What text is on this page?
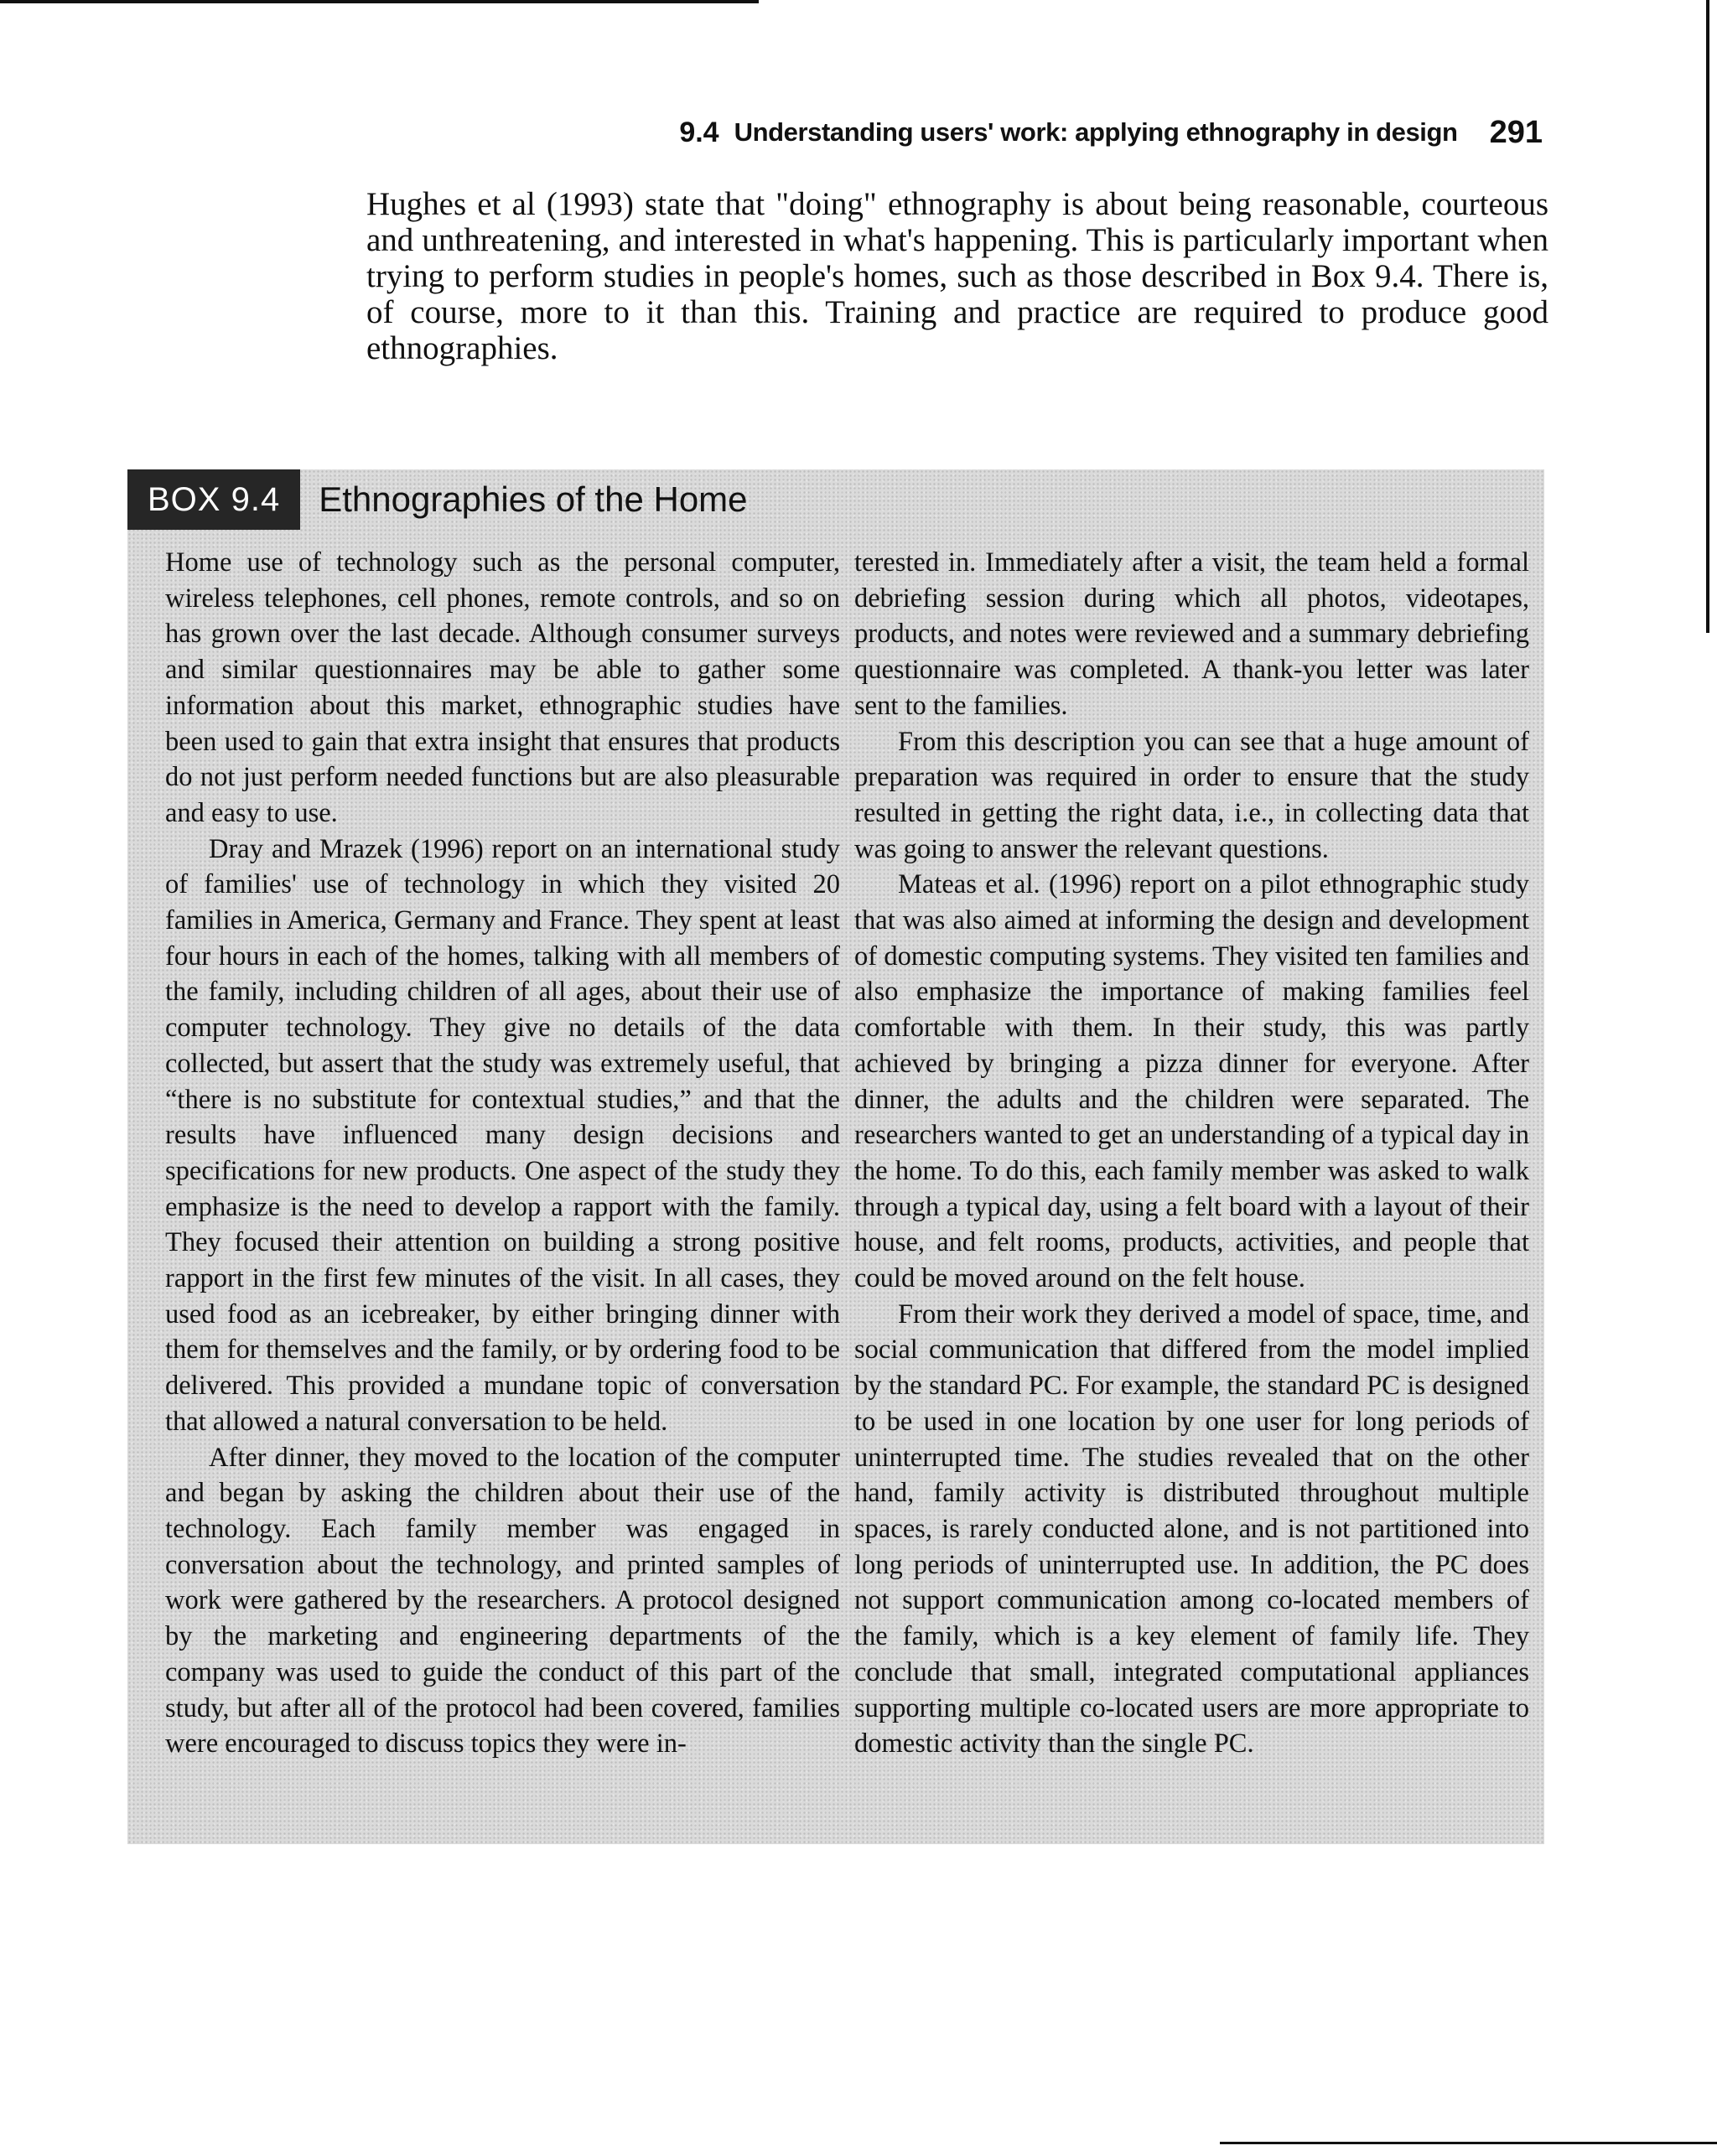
9.4 Understanding users' work: applying ethnography in design 291

Hughes et al (1993) state that "doing" ethnography is about being reasonable, courteous and unthreatening, and interested in what's happening. This is particularly important when trying to perform studies in people's homes, such as those described in Box 9.4. There is, of course, more to it than this. Training and practice are required to produce good ethnographies.

BOX 9.4	Ethnographies of the Home

Home use of technology such as the personal computer, wireless telephones, cell phones, remote controls, and so on has grown over the last decade. Although consumer surveys and similar questionnaires may be able to gather some information about this market, ethnographic studies have been used to gain that extra insight that ensures that products do not just perform needed functions but are also pleasurable and easy to use.

Dray and Mrazek (1996) report on an international study of families' use of technology in which they visited 20 families in America, Germany and France. They spent at least four hours in each of the homes, talking with all members of the family, including children of all ages, about their use of computer technology. They give no details of the data collected, but assert that the study was extremely useful, that “there is no substitute for contextual studies,” and that the results have influenced many design decisions and specifications for new products. One aspect of the study they emphasize is the need to develop a rapport with the family. They focused their attention on building a strong positive rapport in the first few minutes of the visit. In all cases, they used food as an icebreaker, by either bringing dinner with them for themselves and the family, or by ordering food to be delivered. This provided a mundane topic of conversation that allowed a natural conversation to be held.

After dinner, they moved to the location of the computer and began by asking the children about their use of the technology. Each family member was engaged in conversation about the technology, and printed samples of work were gathered by the researchers. A protocol designed by the marketing and engineering departments of the company was used to guide the conduct of this part of the study, but after all of the protocol had been covered, families were encouraged to discuss topics they were in-

terested in. Immediately after a visit, the team held a formal debriefing session during which all photos, videotapes, products, and notes were reviewed and a summary debriefing questionnaire was completed. A thank-you letter was later sent to the families.

From this description you can see that a huge amount of preparation was required in order to ensure that the study resulted in getting the right data, i.e., in collecting data that was going to answer the relevant questions.

Mateas et al. (1996) report on a pilot ethnographic study that was also aimed at informing the design and development of domestic computing systems. They visited ten families and also emphasize the importance of making families feel comfortable with them. In their study, this was partly achieved by bringing a pizza dinner for everyone. After dinner, the adults and the children were separated. The researchers wanted to get an understanding of a typical day in the home. To do this, each family member was asked to walk through a typical day, using a felt board with a layout of their house, and felt rooms, products, activities, and people that could be moved around on the felt house.

From their work they derived a model of space, time, and social communication that differed from the model implied by the standard PC. For example, the standard PC is designed to be used in one location by one user for long periods of uninterrupted time. The studies revealed that on the other hand, family activity is distributed throughout multiple spaces, is rarely conducted alone, and is not partitioned into long periods of uninterrupted use. In addition, the PC does not support communication among co-located members of the family, which is a key element of family life. They conclude that small, integrated computational appliances supporting multiple co-located users are more appropriate to domestic activity than the single PC.
